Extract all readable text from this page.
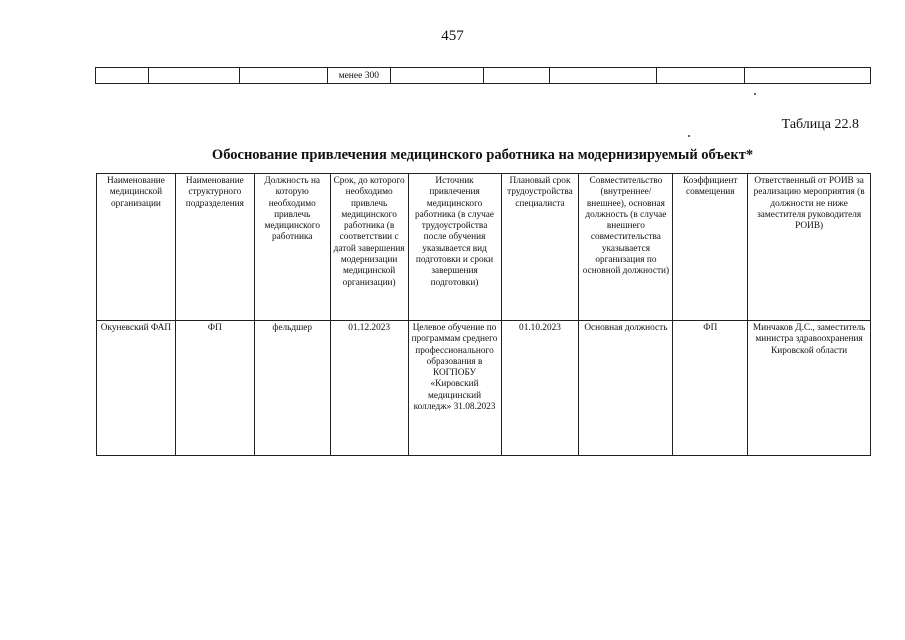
457
			менее 300					
Таблица 22.8
Обоснование привлечения медицинского работника на модернизируемый объект*
Наименование медицинской организации	Наименование структурного подразделения	Должность на которую необходимо привлечь медицинского работника	Срок, до которого необходимо привлечь медицинского работника (в соответствии с датой завершения модернизации медицинской организации)	Источник привлечения медицинского работника (в случае трудоустройства после обучения указывается вид подготовки и сроки завершения подготовки)	Плановый срок трудоустройства специалиста	Совместительство (внутреннее/внешнее), основная должность (в случае внешнего совместительства указывается организация по основной должности)	Коэффициент совмещения	Ответственный от РОИВ за реализацию мероприятия (в должности не ниже заместителя руководителя РОИВ)
Окуневский ФАП	ФП	фельдшер	01.12.2023	Целевое обучение по программам среднего профессионального образования в КОГПОБУ «Кировский медицинский колледж» 31.08.2023	01.10.2023	Основная должность	ФП	Минчаков Д.С., заместитель министра здравоохранения Кировской области
